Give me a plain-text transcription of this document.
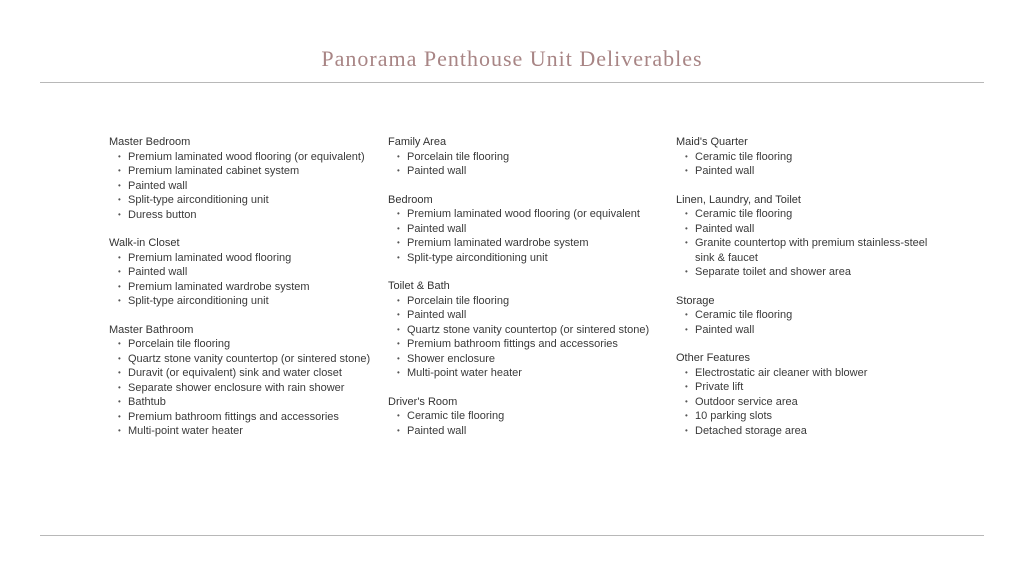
Panorama Penthouse Unit Deliverables

Master Bedroom

• Premium laminated wood flooring (or equivalent)
• Premium laminated cabinet system
• Painted wall
• Split-type airconditioning unit
• Duress button

Walk-in Closet

• Premium laminated wood flooring
• Painted wall
• Premium laminated wardrobe system
• Split-type airconditioning unit

Master Bathroom

• Porcelain tile flooring
• Quartz stone vanity countertop (or sintered stone)
• Duravit (or equivalent) sink and water closet
• Separate shower enclosure with rain shower
• Bathtub
• Premium bathroom fittings and accessories
• Multi-point water heater

Family Area

• Porcelain tile flooring
• Painted wall

Bedroom

• Premium laminated wood flooring (or equivalent
• Painted wall
• Premium laminated wardrobe system
• Split-type airconditioning unit

Toilet & Bath

• Porcelain tile flooring
• Painted wall
• Quartz stone vanity countertop (or sintered stone)
• Premium bathroom fittings and accessories
• Shower enclosure
• Multi-point water heater

Driver's Room

• Ceramic tile flooring
• Painted wall

Maid's Quarter

• Ceramic tile flooring
• Painted wall

Linen, Laundry, and Toilet

• Ceramic tile flooring
• Painted wall
• Granite countertop with premium stainless-steel sink & faucet
• Separate toilet and shower area

Storage

• Ceramic tile flooring
• Painted wall

Other Features

• Electrostatic air cleaner with blower
• Private lift
• Outdoor service area
• 10 parking slots
• Detached storage area
